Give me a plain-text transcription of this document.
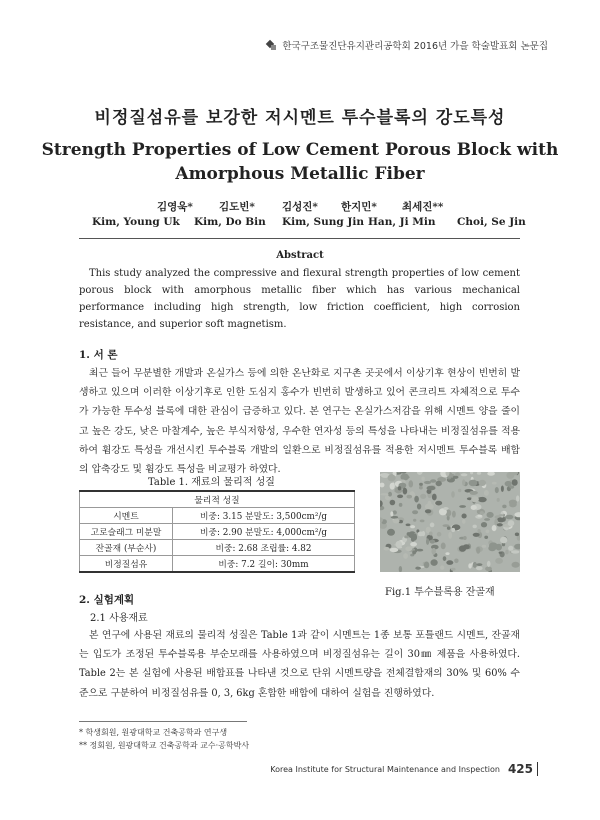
한국구조물진단유지관리공학회 2016년 가을 학술발표회 논문집
비정질섬유를 보강한 저시멘트 투수블록의 강도특성
Strength Properties of Low Cement Porous Block with
Amorphous Metallic Fiber
김영욱* 김도빈*	김성진* 한지민* 최세진**
Kim, Young Uk Kim, Do Bin Kim, Sung Jin Han, Ji Min Choi, Se Jin
Abstract
This study analyzed the compressive and flexural strength properties of low cement porous block with amorphous metallic fiber which has various mechanical performance including high strength, low friction coefficient, high corrosion resistance, and superior soft magnetism.
1. 서 론
최근 들어 무분별한 개발과 온실가스 등에 의한 온난화로 지구촌 곳곳에서 이상기후 현상이 빈번히 발생하고 있으며 이러한 이상기후로 인한 도심지 홍수가 빈번히 발생하고 있어 콘크리트 자체적으로 투수가 가능한 투수성 블록에 대한 관심이 급증하고 있다. 본 연구는 온실가스저감을 위해 시멘트 양을 줄이고 높은 강도, 낮은 마찰계수, 높은 부식저항성, 우수한 연자성 등의 특성을 나타내는 비정질섬유를 적용하여 휨강도 특성을 개선시킨 투수블록 개발의 일환으로 비정질섬유를 적용한 저시멘트 투수블록 배합의 압축강도 및 휨강도 특성을 비교평가 하였다.
Table 1. 재료의 물리적 성질
물리적 성질	
시멘트	비중: 3.15 분말도: 3,500cm²/g
고로슬래그 미분말	비중: 2.90 분말도: 4,000cm²/g
잔골재 (부순사)	비중: 2.68 조립률: 4.82
비정질섬유	비중: 7.2 길이: 30mm
Fig.1 투수블록용 잔골재
2. 실험계획
2.1 사용재료
본 연구에 사용된 재료의 물리적 성질은 Table 1과 같이 시멘트는 1종 보통 포틀랜드 시멘트, 잔골재는 입도가 조정된 투수블록용 부순모래를 사용하였으며 비정질섬유는 길이 30㎜ 제품을 사용하였다. Table 2는 본 실험에 사용된 배합표를 나타낸 것으로 단위 시멘트량을 전체결합재의 30% 및 60% 수준으로 구분하여 비정질섬유를 0, 3, 6kg 혼합한 배합에 대하여 실험을 진행하였다.
* 학생회원, 원광대학교 건축공학과 연구생
** 정회원, 원광대학교 건축공학과 교수·공학박사
Korea Institute for Structural Maintenance and Inspection 425
